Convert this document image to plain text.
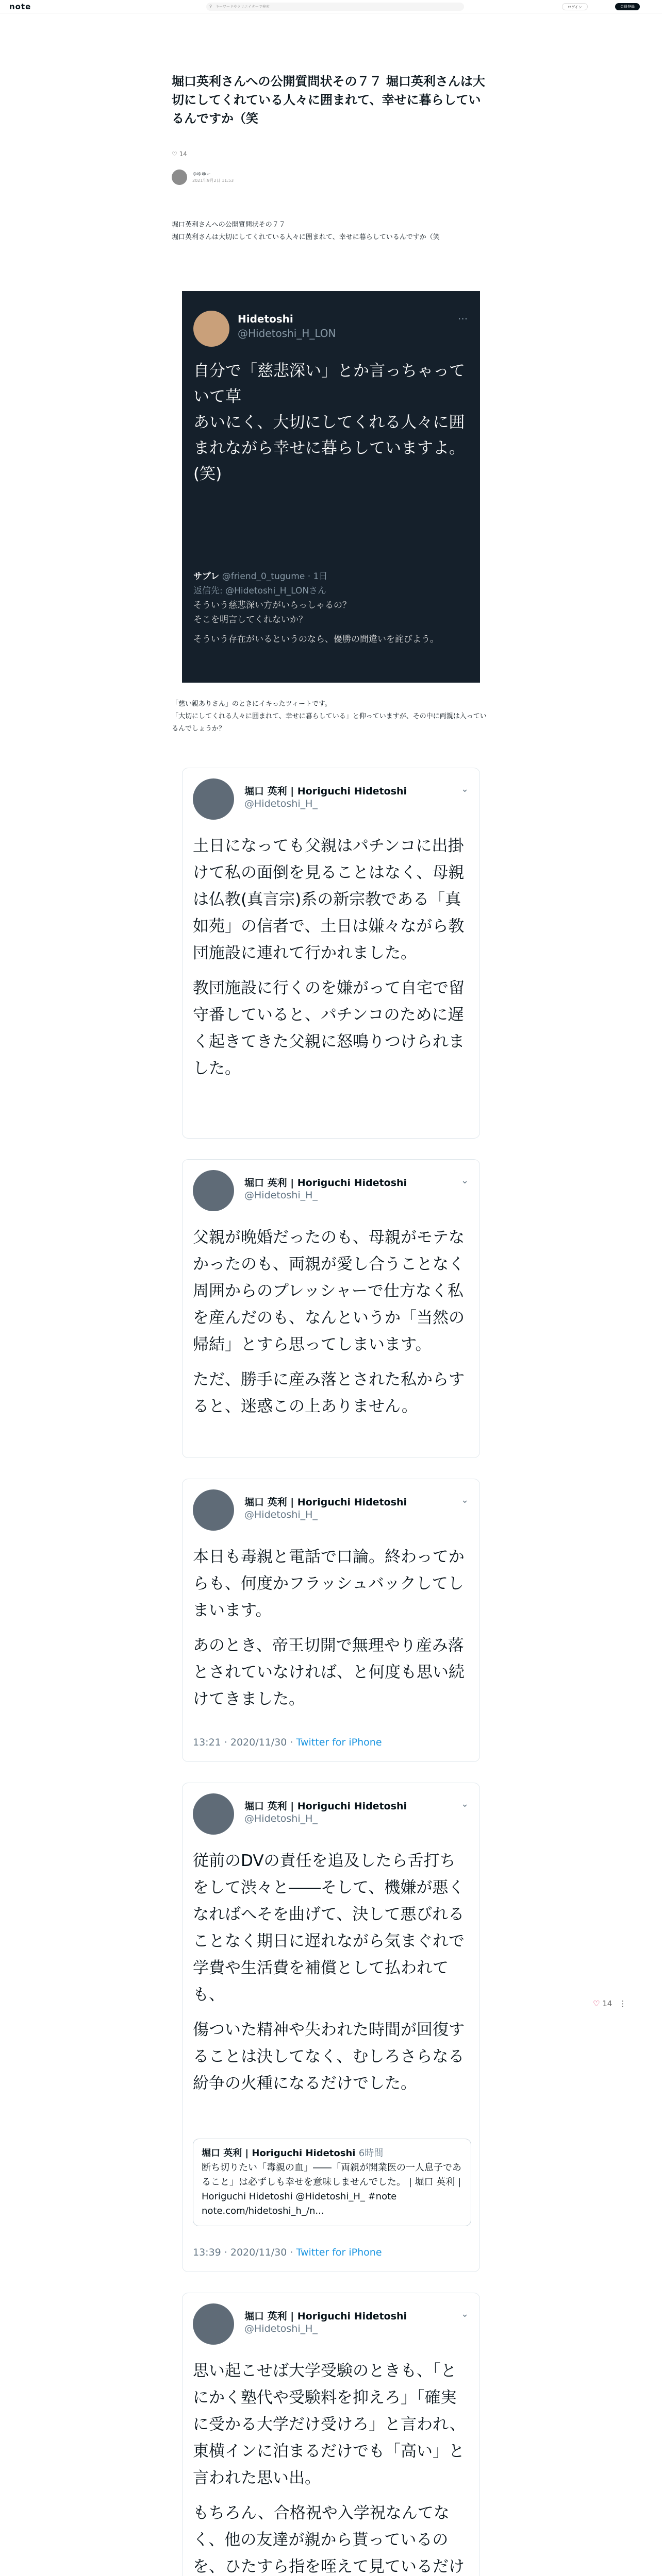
note	⚲ キーワードやクリエイターで検索	ログイン	会員登録
堀口英利さんへの公開質問状その７７ 堀口英利さんは大切にしてくれている人々に囲まれて、幸せに暮らしているんですか（笑
♡ 14
ゆゆゆー
2021年9月2日 11:53

堀口英利さんへの公開質問状その７７

堀口英利さんは大切にしてくれている人々に囲まれて、幸せに暮らしているんですか（笑

Hidetoshi
@Hidetoshi_H_LON
···

自分で「慈悲深い」とか言っちゃっていて草

あいにく、大切にしてくれる人々に囲まれながら幸せに暮らしていますよ。(笑)

サブレ @friend_0_tugume · 1日
返信先: @Hidetoshi_H_LONさん
そういう慈悲深い方がいらっしゃるの？
そこを明言してくれないか？
そういう存在がいるというのなら、優勝の間違いを詫びよう。

「慈い親ありさん」のときにイキったツィートです。

「大切にしてくれる人々に囲まれて、幸せに暮らしている」と仰っていますが、その中に両親は入っているんでしょうか？

堀口 英利 | Horiguchi Hidetoshi
@Hidetoshi_H_
⌄

土日になっても父親はパチンコに出掛けて私の面倒を見ることはなく、母親は仏教(真言宗)系の新宗教である「真如苑」の信者で、土日は嫌々ながら教団施設に連れて行かれました。

教団施設に行くのを嫌がって自宅で留守番していると、パチンコのために遅く起きてきた父親に怒鳴りつけられました。

堀口 英利 | Horiguchi Hidetoshi
@Hidetoshi_H_
⌄

父親が晩婚だったのも、母親がモテなかったのも、両親が愛し合うことなく周囲からのプレッシャーで仕方なく私を産んだのも、なんというか「当然の帰結」とすら思ってしまいます。

ただ、勝手に産み落とされた私からすると、迷惑この上ありません。

堀口 英利 | Horiguchi Hidetoshi
@Hidetoshi_H_
⌄

本日も毒親と電話で口論。終わってからも、何度かフラッシュバックしてしまいます。

あのとき、帝王切開で無理やり産み落とされていなければ、と何度も思い続けてきました。

13:21 · 2020/11/30 · Twitter for iPhone
堀口 英利 | Horiguchi Hidetoshi
@Hidetoshi_H_
⌄

従前のDVの責任を追及したら舌打ちをして渋々と――そして、機嫌が悪くなればへそを曲げて、決して悪びれることなく期日に遅れながら気まぐれで学費や生活費を補償として払われても、

傷ついた精神や失われた時間が回復することは決してなく、むしろさらなる紛争の火種になるだけでした。

堀口 英利 | Horiguchi Hidetoshi 6時間
断ち切りたい「毒親の血」――「両親が開業医の一人息子であること」は必ずしも幸せを意味しませんでした。 | 堀口 英利 | Horiguchi Hidetoshi @Hidetoshi_H_ #note note.com/hidetoshi_h_/n...
13:39 · 2020/11/30 · Twitter for iPhone
堀口 英利 | Horiguchi Hidetoshi
@Hidetoshi_H_
⌄

思い起こせば大学受験のときも、「とにかく塾代や受験料を抑えろ」「確実に受かる大学だけ受けろ」と言われ、東横インに泊まるだけでも「高い」と言われた思い出。

もちろん、合格祝や入学祝なんてなく、他の友達が親から貰っているのを、ひたすら指を咥えて見ているだけ

♡ 14 ⋮
